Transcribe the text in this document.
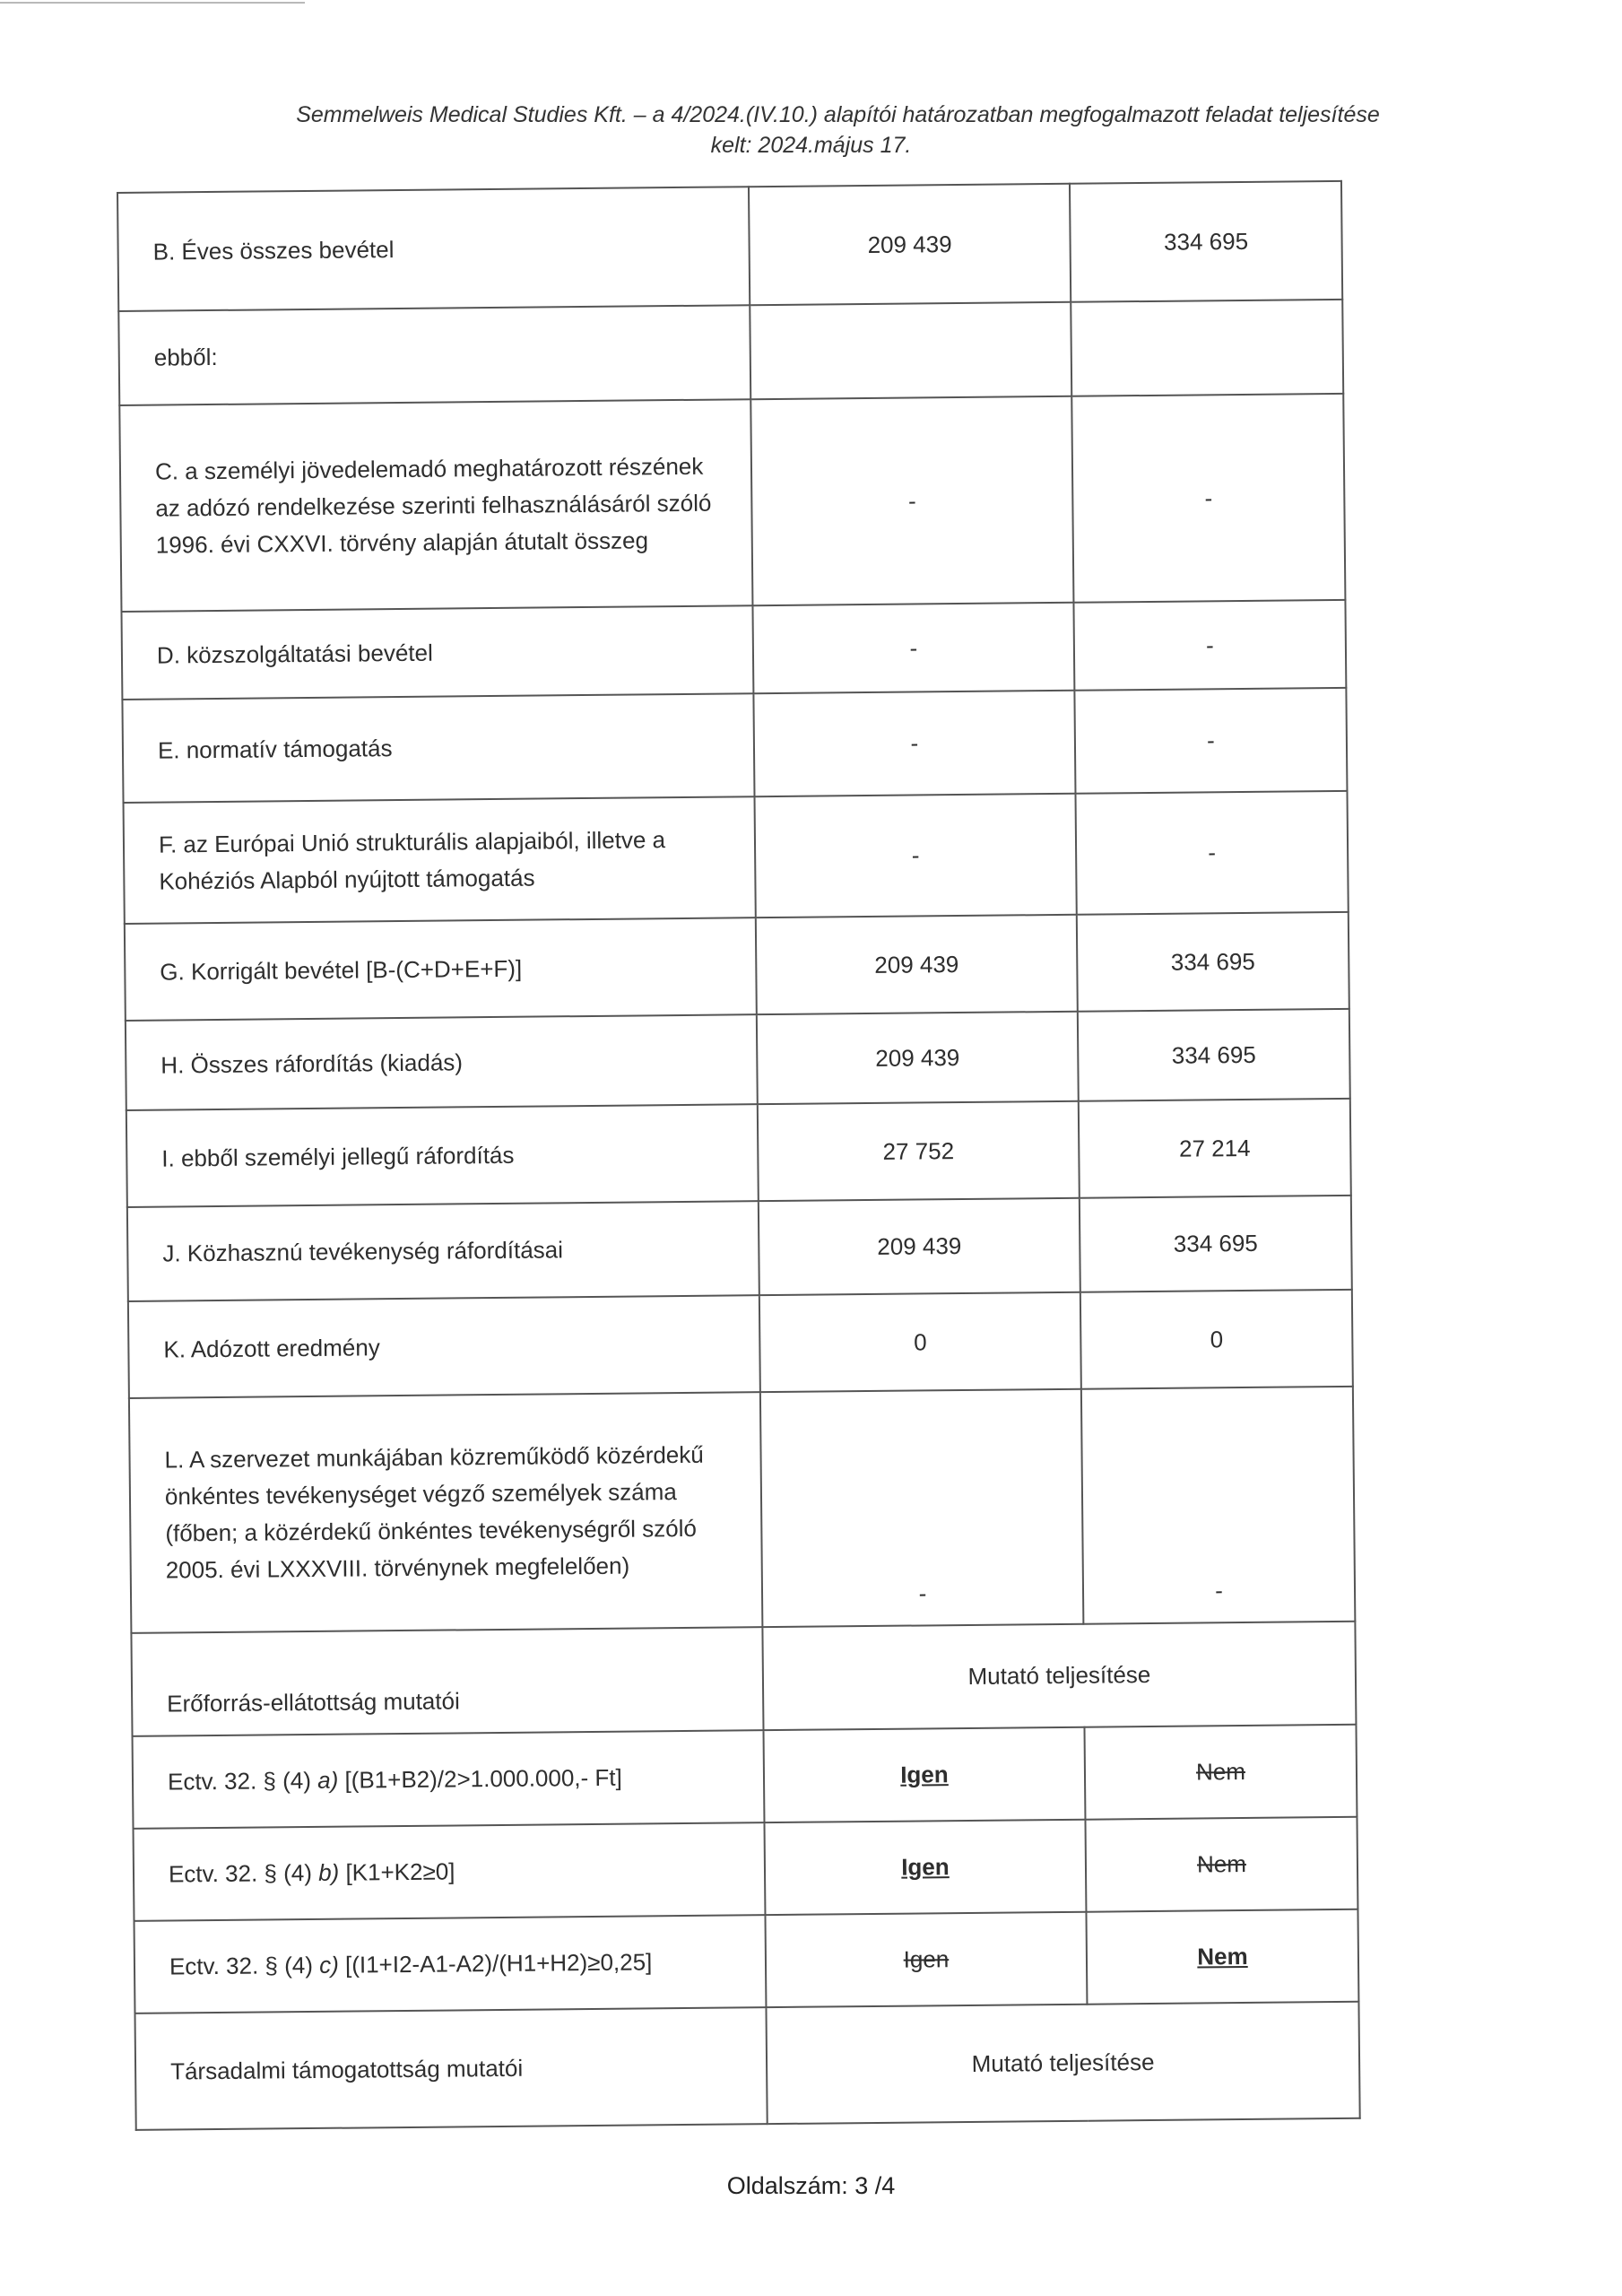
Semmelweis Medical Studies Kft. – a 4/2024.(IV.10.) alapítói határozatban megfogalmazott feladat teljesítése
kelt: 2024.május 17.
B. Éves összes bevétel	209 439	334 695
ebből:		
C. a személyi jövedelemadó meghatározott részének az adózó rendelkezése szerinti felhasználásáról szóló 1996. évi CXXVI. törvény alapján átutalt összeg	-	-
D. közszolgáltatási bevétel	-	-
E. normatív támogatás	-	-
F. az Európai Unió strukturális alapjaiból, illetve a Kohéziós Alapból nyújtott támogatás	-	-
G. Korrigált bevétel [B-(C+D+E+F)]	209 439	334 695
H. Összes ráfordítás (kiadás)	209 439	334 695
I. ebből személyi jellegű ráfordítás	27 752	27 214
J. Közhasznú tevékenység ráfordításai	209 439	334 695
K. Adózott eredmény	0	0
L. A szervezet munkájában közreműködő közérdekű önkéntes tevékenységet végző személyek száma (főben; a közérdekű önkéntes tevékenységről szóló 2005. évi LXXXVIII. törvénynek megfelelően)	-	-
Erőforrás-ellátottság mutatói	Mutató teljesítése	
Ectv. 32. § (4) a) [(B1+B2)/2>1.000.000,- Ft]	Igen	Nem
Ectv. 32. § (4) b) [K1+K2≥0]	Igen	Nem
Ectv. 32. § (4) c) [(I1+I2-A1-A2)/(H1+H2)≥0,25]	Igen	Nem
Társadalmi támogatottság mutatói	Mutató teljesítése	
Oldalszám: 3 /4
